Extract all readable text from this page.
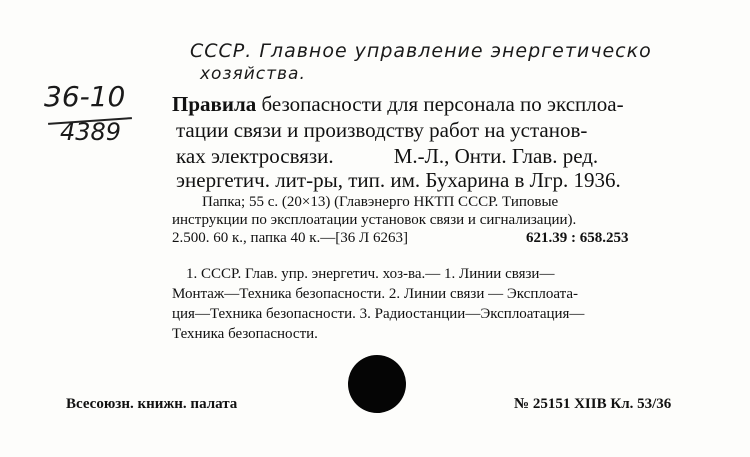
СССР. Главное управление энергетическо
хозяйства.
36-10
4389
Правила безопасности для персонала по эксплоа-
тации связи и производству работ на установ-
ках электросвязи.	М.-Л., Онти. Глав. ред.
энергетич. лит-ры, тип. им. Бухарина в Лгр. 1936.
Папка; 55 с. (20×13) (Главэнерго НКТП СССР. Типовые
инструкции по эксплоатации установок связи и сигнализации).
2.500. 60 к., папка 40 к.—[36 Л 6263]	621.39 : 658.253
1. СССР. Глав. упр. энергетич. хоз-ва.— 1. Линии связи—
Монтаж—Техника безопасности. 2. Линии связи — Эксплоата-
ция—Техника безопасности. 3. Радиостанции—Эксплоатация—
Техника безопасности.
Всесоюзн. книжн. палата	№ 25151 ХIIВ Кл. 53/36
